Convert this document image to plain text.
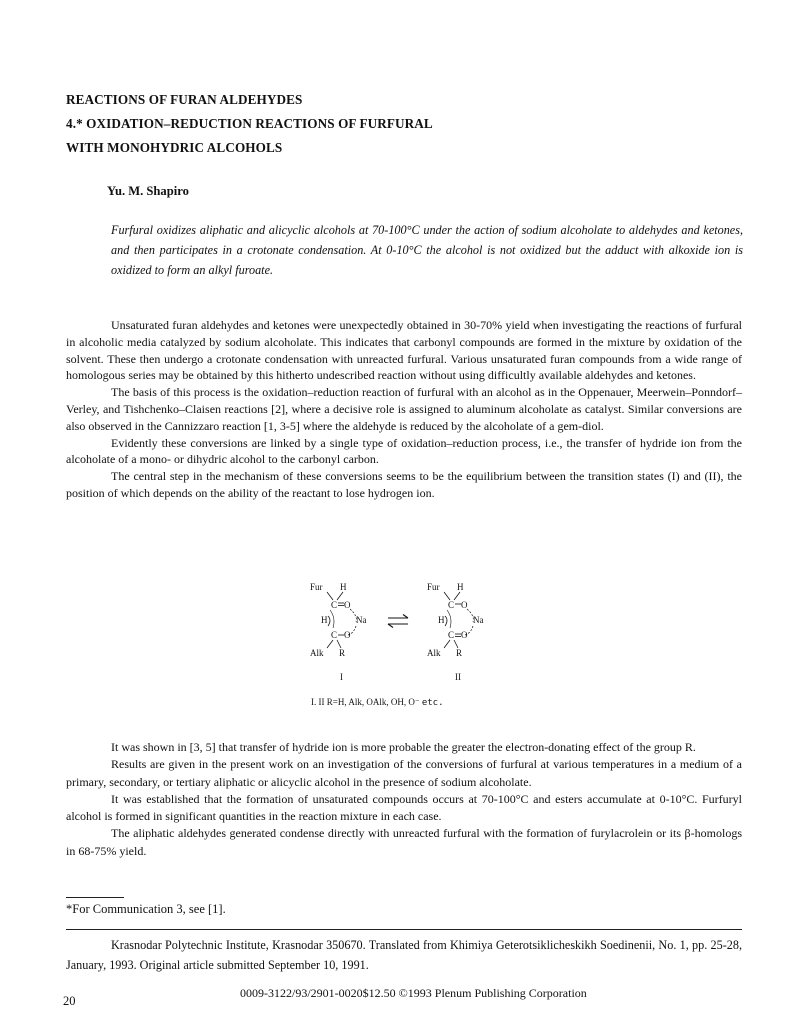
REACTIONS OF FURAN ALDEHYDES
4.* OXIDATION–REDUCTION REACTIONS OF FURFURAL
WITH MONOHYDRIC ALCOHOLS
Yu. M. Shapiro
Furfural oxidizes aliphatic and alicyclic alcohols at 70-100°C under the action of sodium alcoholate to aldehydes and ketones, and then participates in a crotonate condensation. At 0-10°C the alcohol is not oxidized but the adduct with alkoxide ion is oxidized to form an alkyl furoate.

Unsaturated furan aldehydes and ketones were unexpectedly obtained in 30-70% yield when investigating the reactions of furfural in alcoholic media catalyzed by sodium alcoholate. This indicates that carbonyl compounds are formed in the mixture by oxidation of the solvent. These then undergo a crotonate condensation with unreacted furfural. Various unsaturated furan compounds from a wide range of homologous series may be obtained by this hitherto undescribed reaction without using difficultly available aldehydes and ketones.

The basis of this process is the oxidation–reduction reaction of furfural with an alcohol as in the Oppenauer, Meerwein–Ponndorf–Verley, and Tishchenko–Claisen reactions [2], where a decisive role is assigned to aluminum alcoholate as catalyst. Similar conversions are also observed in the Cannizzaro reaction [1, 3-5] where the aldehyde is reduced by the alcoholate of a gem-diol.

Evidently these conversions are linked by a single type of oxidation–reduction process, i.e., the transfer of hydride ion from the alcoholate of a mono- or dihydric alcohol to the carbonyl carbon.

The central step in the mechanism of these conversions seems to be the equilibrium between the transition states (I) and (II), the position of which depends on the ability of the reactant to lose hydrogen ion.

Fur H
C O
H	Na
C O
Alk R
I
Fur H
C O
H	Na
C O
Alk R
II
I. II R=H, Alk, OAlk, OH, O⁻ etc.

It was shown in [3, 5] that transfer of hydride ion is more probable the greater the electron-donating effect of the group R.

Results are given in the present work on an investigation of the conversions of furfural at various temperatures in a medium of a primary, secondary, or tertiary aliphatic or alicyclic alcohol in the presence of sodium alcoholate.

It was established that the formation of unsaturated compounds occurs at 70-100°C and esters accumulate at 0-10°C. Furfuryl alcohol is formed in significant quantities in the reaction mixture in each case.

The aliphatic aldehydes generated condense directly with unreacted furfural with the formation of furylacrolein or its β-homologs in 68-75% yield.

*For Communication 3, see [1].
Krasnodar Polytechnic Institute, Krasnodar 350670. Translated from Khimiya Geterotsiklicheskikh Soedinenii, No. 1, pp. 25-28, January, 1993. Original article submitted September 10, 1991.
20
0009-3122/93/2901-0020$12.50 ©1993 Plenum Publishing Corporation
